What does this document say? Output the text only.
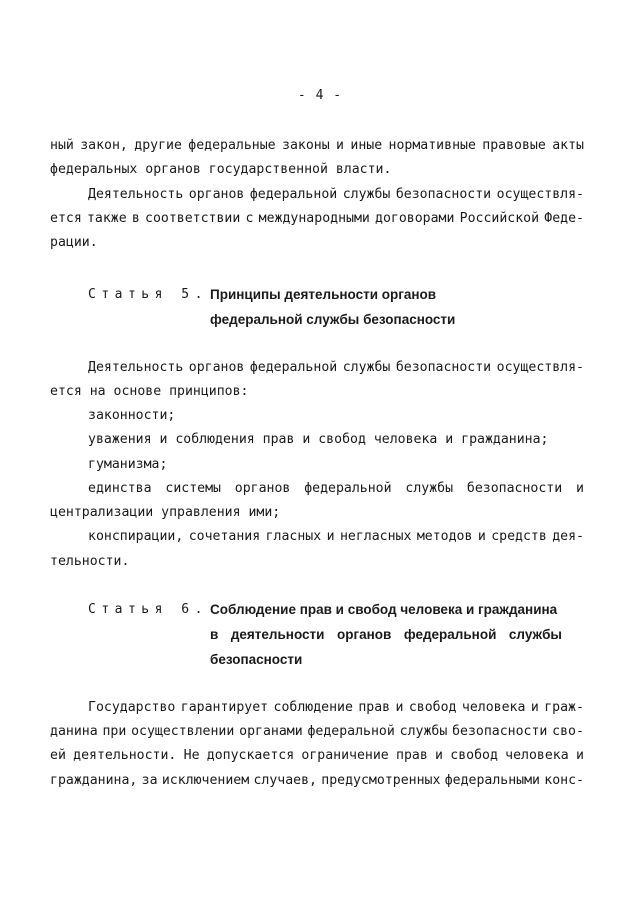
- 4 -
ный закон, другие федеральные законы и иные нормативные правовые акты
федеральных органов государственной власти.
Деятельность органов федеральной службы безопасности осуществля-
ется также в соответствии с международными договорами Российской Феде-
рации.
Статья 5. Принципы деятельности органов
федеральной службы безопасности
Деятельность органов федеральной службы безопасности осуществля-
ется на основе принципов:
законности;
уважения и соблюдения прав и свобод человека и гражданина;
гуманизма;
единства системы органов федеральной службы безопасности и
централизации управления ими;
конспирации, сочетания гласных и негласных методов и средств дея-
тельности.
Статья 6. Соблюдение прав и свобод человека и гражданина
в деятельности органов федеральной службы
безопасности
Государство гарантирует соблюдение прав и свобод человека и граж-
данина при осуществлении органами федеральной службы безопасности сво-
ей деятельности. Не допускается ограничение прав и свобод человека и
гражданина, за исключением случаев, предусмотренных федеральными конс-
